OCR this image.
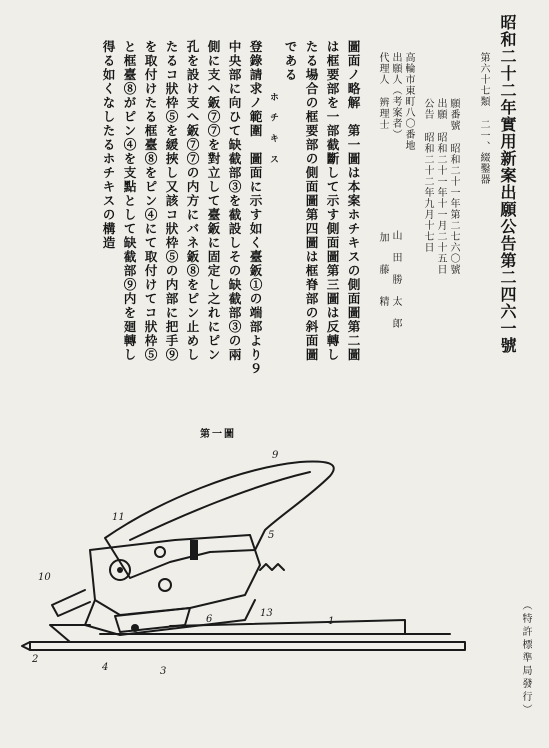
昭和二十二年實用新案出願公告第二四六一號
第六十七類 二一、綴鑿器
願番號 昭和二十一年第二七六〇號
出願 昭和二十一年十一月二十五日
公告 昭和二十二年九月十七日
高輪市東町八〇番地
出願人（考案者）
山田勝太郎
代理人 辨理士
加藤精
圖面ノ略解　第一圖は本案ホチキスの側面圖第二圖
は框要部を一部截斷して示す側面圖第三圖は反轉し
たる場合の框要部の側面圖第四圖は框脊部の斜面圖
である
ホ　チ　キ　ス
登錄請求ノ範圍　圖面に示す如く臺鈑①の端部より９
中央部に向ひて缺截部③を截設しその缺截部③の兩
側に支へ鈑⑦⑦を對立して臺鈑に固定し之れにピン
孔を設け支へ鈑⑦⑦の内方にバネ鈑⑧をピン止めし
たるコ狀枠⑤を緩挾し又該コ狀枠⑤の内部に把手⑨
を取付けたる框臺⑧をピン④にて取付けてコ狀枠⑤
と框臺⑧がピン④を支點として缺截部⑨内を廻轉し
得る如くなしたるホチキスの構造
第一圖
9
11
10
4	3
6
13
1
5
2	（特許標準局發行）
